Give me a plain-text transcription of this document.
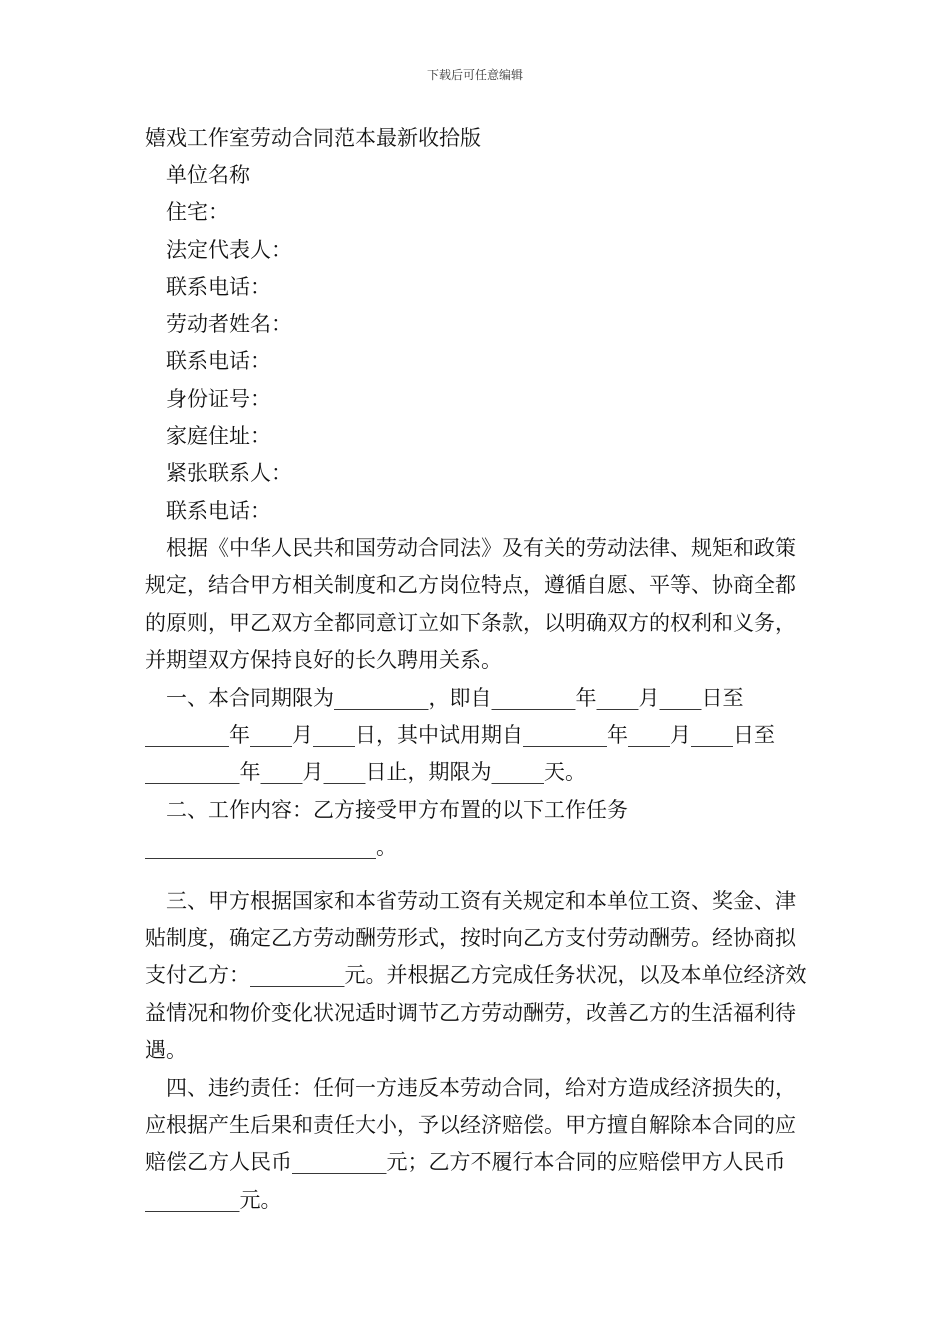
下载后可任意编辑
嬉戏工作室劳动合同范本最新收拾版
单位名称
住宅：
法定代表人：
联系电话：
劳动者姓名：
联系电话：
身份证号：
家庭住址：
紧张联系人：
联系电话：

根据《中华人民共和国劳动合同法》及有关的劳动法律、规矩和政策规定，结合甲方相关制度和乙方岗位特点，遵循自愿、平等、协商全都的原则，甲乙双方全都同意订立如下条款，以明确双方的权利和义务，并期望双方保持良好的长久聘用关系。

一、本合同期限为_________，即自________年____月____日至________年____月____日，其中试用期自________年____月____日至_________年____月____日止，期限为_____天。

二、工作内容：乙方接受甲方布置的以下工作任务______________________。

三、甲方根据国家和本省劳动工资有关规定和本单位工资、奖金、津贴制度，确定乙方劳动酬劳形式，按时向乙方支付劳动酬劳。经协商拟支付乙方：_________元。并根据乙方完成任务状况，以及本单位经济效益情况和物价变化状况适时调节乙方劳动酬劳，改善乙方的生活福利待遇。

四、违约责任：任何一方违反本劳动合同，给对方造成经济损失的，应根据产生后果和责任大小，予以经济赔偿。甲方擅自解除本合同的应赔偿乙方人民币_________元；乙方不履行本合同的应赔偿甲方人民币_________元。
